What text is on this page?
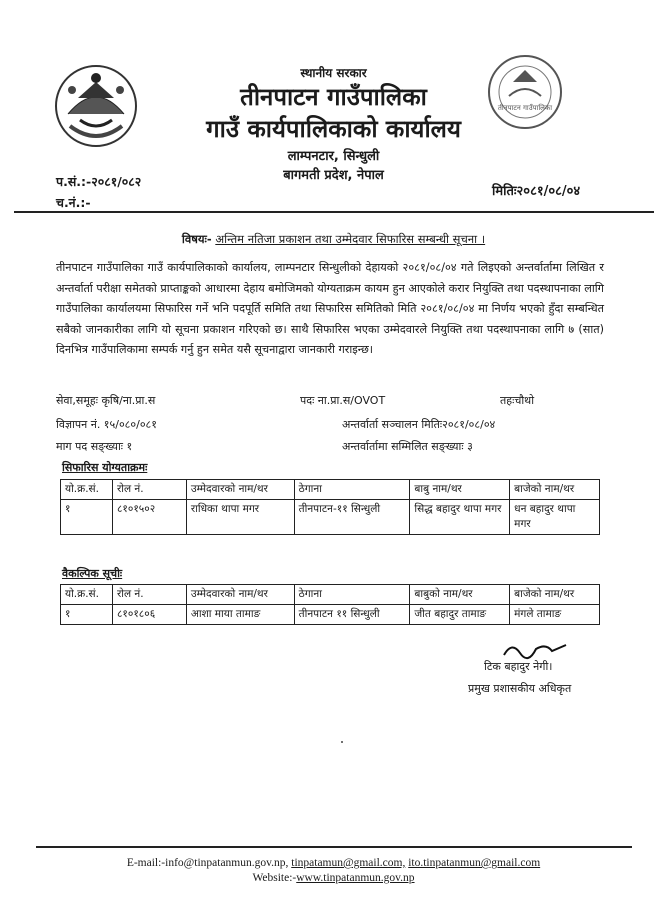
तीनपाटन गाउँपालिका
स्थानीय सरकार
तीनपाटन गाउँपालिका
गाउँ कार्यपालिकाको कार्यालय
लाम्पनटार, सिन्धुली
बागमती प्रदेश, नेपाल
प.सं.:-२०८१/०८२
च.नं.:-
मितिः२०८१/०८/०४
विषयः- अन्तिम नतिजा प्रकाशन तथा उम्मेदवार सिफारिस सम्बन्धी सूचना ।
तीनपाटन गाउँपालिका गाउँ कार्यपालिकाको कार्यालय, लाम्पनटार सिन्धुलीको देहायको २०८१/०८/०४ गते लिइएको अन्तर्वार्तामा लिखित र अन्तर्वार्ता परीक्षा समेतको प्राप्ताङ्कको आधारमा देहाय बमोजिमको योग्यताक्रम कायम हुन आएकोले करार नियुक्ति तथा पदस्थापनाका लागि गाउँपालिका कार्यालयमा सिफारिस गर्ने भनि पदपूर्ति समिति तथा सिफारिस समितिको मिति २०८१/०८/०४ मा निर्णय भएको हुँदा सम्बन्धित सबैको जानकारीका लागि यो सूचना प्रकाशन गरिएको छ। साथै सिफारिस भएका उम्मेदवारले नियुक्ति तथा पदस्थापनाका लागि ७ (सात) दिनभित्र गाउँपालिकामा सम्पर्क गर्नु हुन समेत यसै सूचनाद्वारा जानकारी गराइन्छ।
सेवा,समूहः कृषि/ना.प्रा.स	पदः ना.प्रा.स/OVOT	तहःचौथो
विज्ञापन नं. १५/०८०/०८१	अन्तर्वार्ता सञ्चालन मितिः२०८१/०८/०४
माग पद सङ्ख्याः १	अन्तर्वार्तामा सम्मिलित सङ्ख्याः ३
सिफारिस योग्यताक्रमः
यो.क्र.सं.	रोल नं.	उम्मेदवारको नाम/थर	ठेगाना	बाबु नाम/थर	बाजेको नाम/थर
१	८१०१५०२	राधिका थापा मगर	तीनपाटन-११ सिन्धुली	सिद्ध बहादुर थापा मगर	धन बहादुर थापा मगर
वैकल्पिक सूचीः
यो.क्र.सं.	रोल नं.	उम्मेदवारको नाम/थर	ठेगाना	बाबुको नाम/थर	बाजेको नाम/थर
१	८१०१८०६	आशा माया तामाङ	तीनपाटन ११ सिन्धुली	जीत बहादुर तामाङ	मंगले तामाङ
टिक बहादुर नेगी।
प्रमुख प्रशासकीय अधिकृत
E-mail:-info@tinpatanmun.gov.np, tinpatamun@gmail.com, ito.tinpatanmun@gmail.com
Website:-www.tinpatanmun.gov.np
